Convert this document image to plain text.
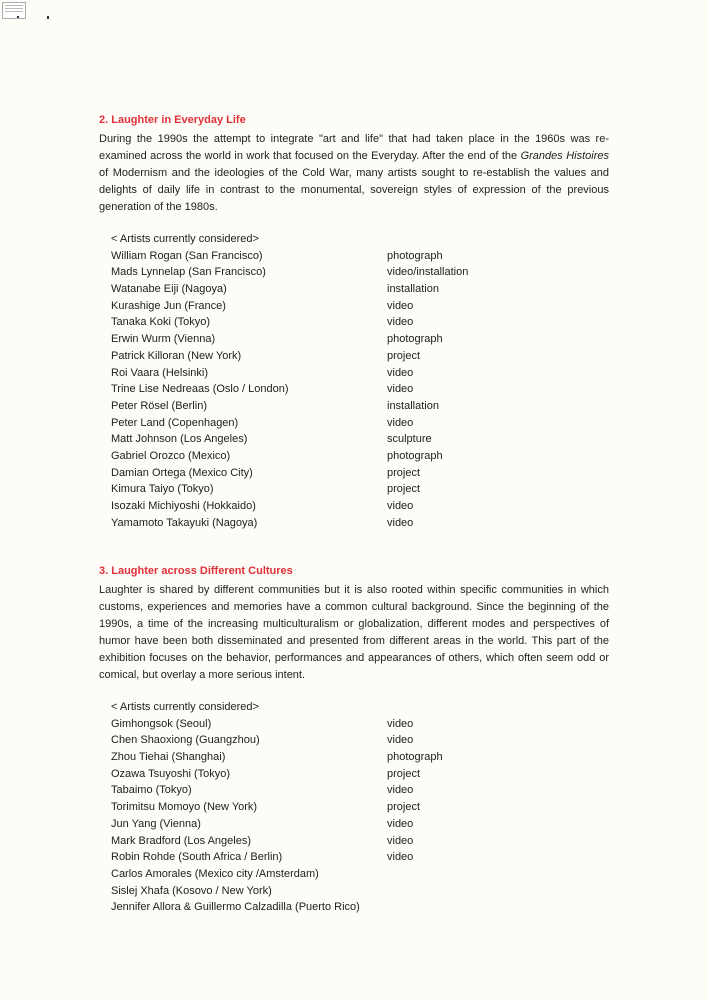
2. Laughter in Everyday Life

During the 1990s the attempt to integrate "art and life" that had taken place in the 1960s was re-examined across the world in work that focused on the Everyday. After the end of the Grandes Histoires of Modernism and the ideologies of the Cold War, many artists sought to re-establish the values and delights of daily life in contrast to the monumental, sovereign styles of expression of the previous generation of the 1980s.

< Artists currently considered>
William Rogan (San Francisco)	photograph
Mads Lynnelap (San Francisco)	video/installation
Watanabe Eiji (Nagoya)	installation
Kurashige Jun (France)	video
Tanaka Koki (Tokyo)	video
Erwin Wurm (Vienna)	photograph
Patrick Killoran (New York)	project
Roi Vaara (Helsinki)	video
Trine Lise Nedreaas (Oslo / London)	video
Peter Rösel (Berlin)	installation
Peter Land (Copenhagen)	video
Matt Johnson (Los Angeles)	sculpture
Gabriel Orozco (Mexico)	photograph
Damian Ortega (Mexico City)	project
Kimura Taiyo (Tokyo)	project
Isozaki Michiyoshi (Hokkaido)	video
Yamamoto Takayuki (Nagoya)	video
3. Laughter across Different Cultures

Laughter is shared by different communities but it is also rooted within specific communities in which customs, experiences and memories have a common cultural background. Since the beginning of the 1990s, a time of the increasing multiculturalism or globalization, different modes and perspectives of humor have been both disseminated and presented from different areas in the world. This part of the exhibition focuses on the behavior, performances and appearances of others, which often seem odd or comical, but overlay a more serious intent.

< Artists currently considered>
Gimhongsok (Seoul)	video
Chen Shaoxiong (Guangzhou)	video
Zhou Tiehai (Shanghai)	photograph
Ozawa Tsuyoshi (Tokyo)	project
Tabaimo (Tokyo)	video
Torimitsu Momoyo (New York)	project
Jun Yang (Vienna)	video
Mark Bradford (Los Angeles)	video
Robin Rohde (South Africa / Berlin)	video
Carlos Amorales (Mexico city /Amsterdam)
Sislej Xhafa (Kosovo / New York)
Jennifer Allora & Guillermo Calzadilla (Puerto Rico)
